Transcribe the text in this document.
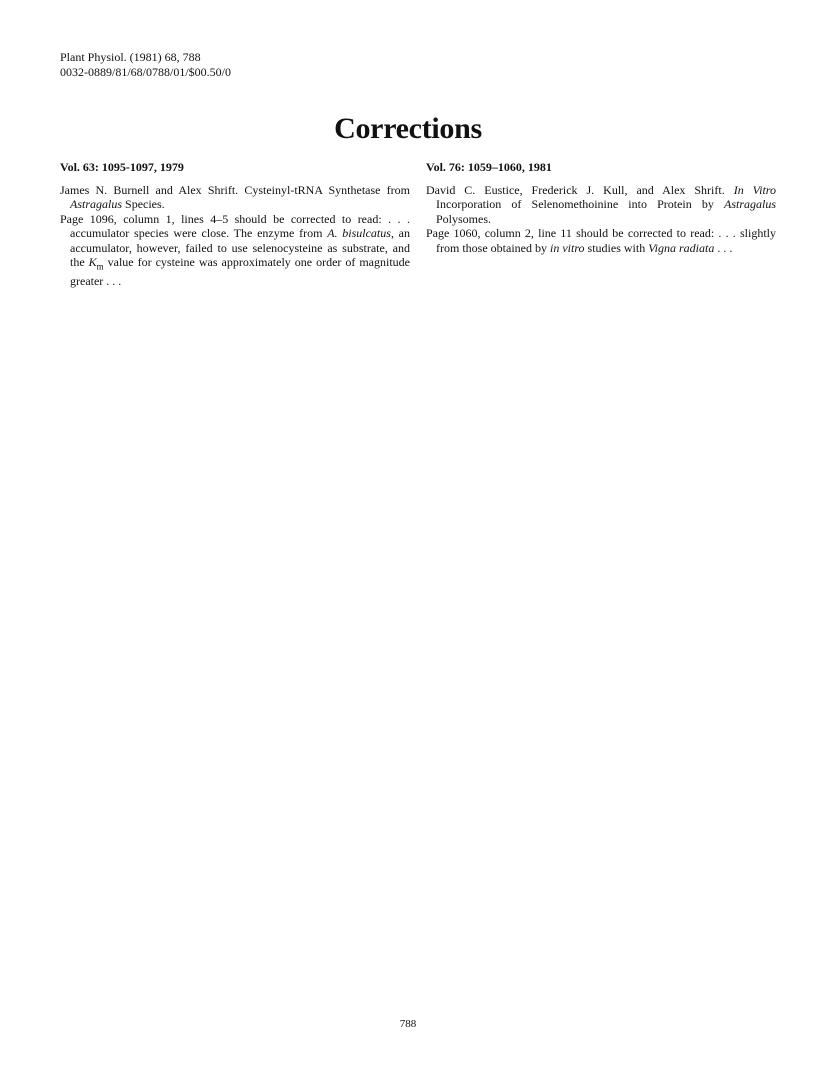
Plant Physiol. (1981) 68, 788
0032-0889/81/68/0788/01/$00.50/0
Corrections
Vol. 63: 1095-1097, 1979

James N. Burnell and Alex Shrift. Cysteinyl-tRNA Synthetase from Astragalus Species.

Page 1096, column 1, lines 4–5 should be corrected to read: . . . accumulator species were close. The enzyme from A. bisulcatus, an accumulator, however, failed to use selenocysteine as substrate, and the $K_m$ value for cysteine was approximately one order of magnitude greater . . .

Vol. 76: 1059–1060, 1981

David C. Eustice, Frederick J. Kull, and Alex Shrift. In Vitro Incorporation of Selenomethoinine into Protein by Astragalus Polysomes.

Page 1060, column 2, line 11 should be corrected to read: . . . slightly from those obtained by in vitro studies with Vigna radiata . . .

788
